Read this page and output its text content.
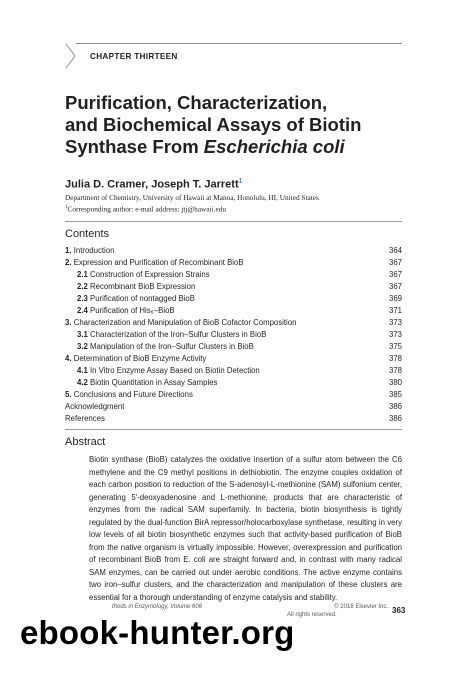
CHAPTER THIRTEEN
Purification, Characterization,
and Biochemical Assays of Biotin
Synthase From Escherichia coli
Julia D. Cramer, Joseph T. Jarrett$^1$
Department of Chemistry, University of Hawaii at Manoa, Honolulu, HI, United States
$^1$Corresponding author: e-mail address: jtj@hawaii.edu
Contents
1. Introduction	364
2. Expression and Purification of Recombinant BioB	367
2.1 Construction of Expression Strains	367
2.2 Recombinant BioB Expression	367
2.3 Purification of nontagged BioB	369
2.4 Purification of His₆–BioB	371
3. Characterization and Manipulation of BioB Cofactor Composition	373
3.1 Characterization of the Iron–Sulfur Clusters in BioB	373
3.2 Manipulation of the Iron–Sulfur Clusters in BioB	375
4. Determination of BioB Enzyme Activity	378
4.1 In Vitro Enzyme Assay Based on Biotin Detection	378
4.2 Biotin Quantitation in Assay Samples	380
5. Conclusions and Future Directions	385
Acknowledgment	386
References	386
Abstract

Biotin synthase (BioB) catalyzes the oxidative insertion of a sulfur atom between the C6 methylene and the C9 methyl positions in dethiobiotin. The enzyme couples oxidation of each carbon position to reduction of the S-adenosyl-L-methionine (SAM) sulfonium center, generating 5′-deoxyadenosine and L-methionine, products that are characteristic of enzymes from the radical SAM superfamily. In bacteria, biotin biosynthesis is tightly regulated by the dual-function BirA repressor/holocarboxylase synthetase, resulting in very low levels of all biotin biosynthetic enzymes such that activity-based purification of BioB from the native organism is virtually impossible. However, overexpression and purification of recombinant BioB from E. coli are straight forward and, in contrast with many radical SAM enzymes, can be carried out under aerobic conditions. The active enzyme contains two iron–sulfur clusters, and the characterization and manipulation of these clusters are essential for a thorough understanding of enzyme catalysis and stability.

thods in Enzymology, Volume 606	© 2018 Elsevier Inc.
All rights reserved.	363
ebook-hunter.org
